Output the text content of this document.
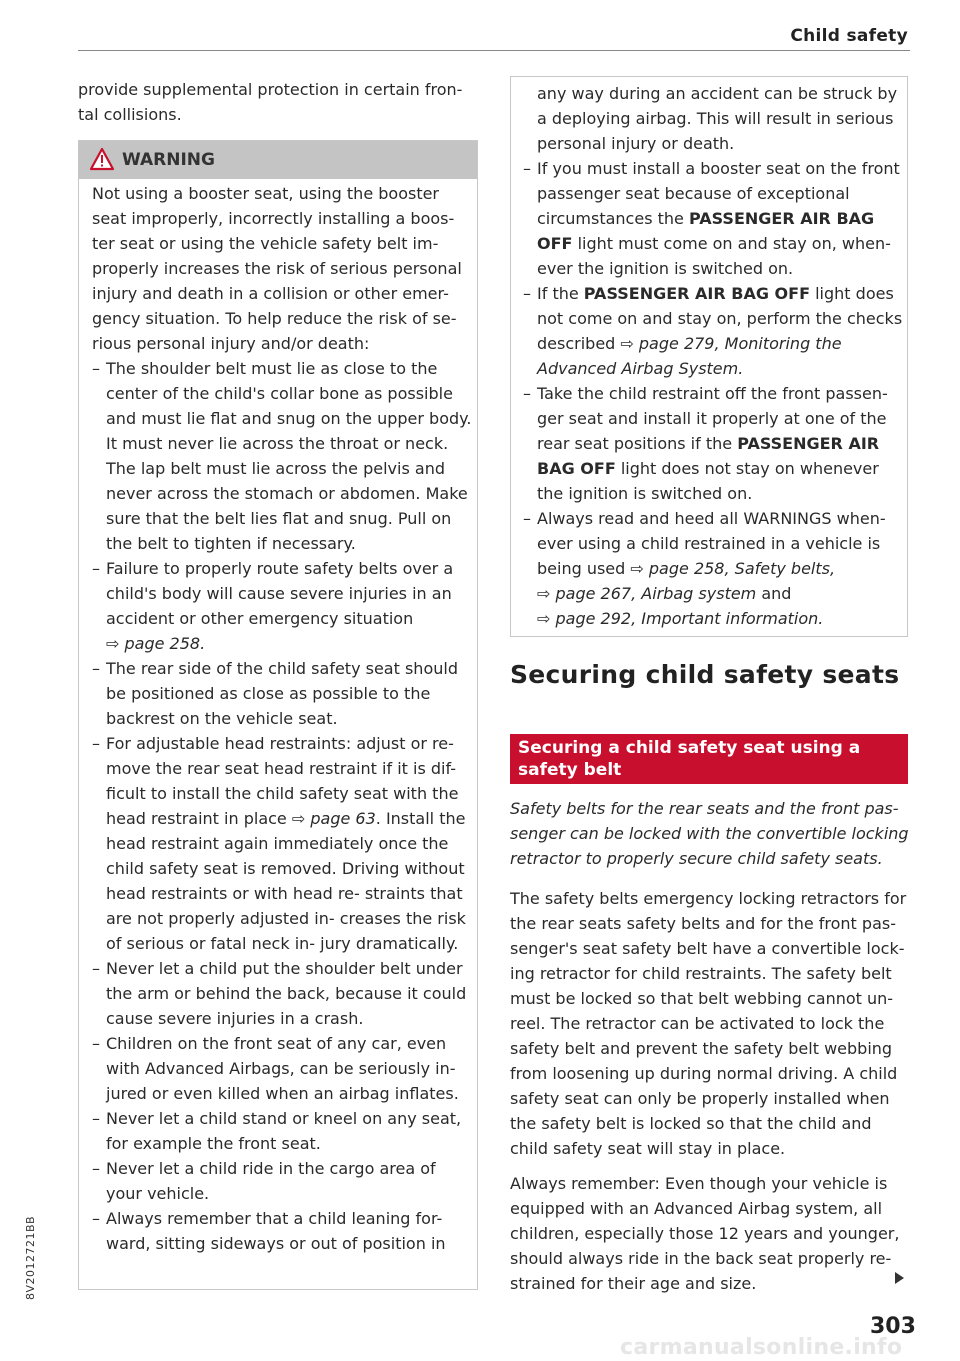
Child safety
8V2012721BB

provide supplemental protection in certain fron-
tal collisions.

WARNING

Not using a booster seat, using the booster seat improperly, incorrectly installing a boos- ter seat or using the vehicle safety belt im- properly increases the risk of serious personal injury and death in a collision or other emer- gency situation. To help reduce the risk of se- rious personal injury and/or death:

– The shoulder belt must lie as close to the center of the child's collar bone as possible and must lie flat and snug on the upper body. It must never lie across the throat or neck. The lap belt must lie across the pelvis and never across the stomach or abdomen. Make sure that the belt lies flat and snug. Pull on the belt to tighten if necessary.

– Failure to properly route safety belts over a child's body will cause severe injuries in an accident or other emergency situation
⇨ page 258.

– The rear side of the child safety seat should be positioned as close as possible to the backrest on the vehicle seat.

– For adjustable head restraints: adjust or re- move the rear seat head restraint if it is dif- ficult to install the child safety seat with the head restraint in place ⇨ page 63. Install the head restraint again immediately once the child safety seat is removed. Driving without head restraints or with head re- straints that are not properly adjusted in- creases the risk of serious or fatal neck in- jury dramatically.

– Never let a child put the shoulder belt under the arm or behind the back, because it could cause severe injuries in a crash.

– Children on the front seat of any car, even with Advanced Airbags, can be seriously in- jured or even killed when an airbag inflates.

– Never let a child stand or kneel on any seat, for example the front seat.

– Never let a child ride in the cargo area of your vehicle.

– Always remember that a child leaning for- ward, sitting sideways or out of position in

any way during an accident can be struck by a deploying airbag. This will result in serious personal injury or death.

– If you must install a booster seat on the front passenger seat because of exceptional circumstances the PASSENGER AIR BAG OFF light must come on and stay on, when- ever the ignition is switched on.

– If the PASSENGER AIR BAG OFF light does not come on and stay on, perform the checks described ⇨ page 279, Monitoring the Advanced Airbag System.

– Take the child restraint off the front passen- ger seat and install it properly at one of the rear seat positions if the PASSENGER AIR BAG OFF light does not stay on whenever the ignition is switched on.

– Always read and heed all WARNINGS when- ever using a child restrained in a vehicle is being used ⇨ page 258, Safety belts,
⇨ page 267, Airbag system and
⇨ page 292, Important information.

Securing child safety seats
Securing a child safety seat using a safety belt

Safety belts for the rear seats and the front pas- senger can be locked with the convertible locking retractor to properly secure child safety seats.

The safety belts emergency locking retractors for the rear seats safety belts and for the front pas- senger's seat safety belt have a convertible lock- ing retractor for child restraints. The safety belt must be locked so that belt webbing cannot un- reel. The retractor can be activated to lock the safety belt and prevent the safety belt webbing from loosening up during normal driving. A child safety seat can only be properly installed when the safety belt is locked so that the child and child safety seat will stay in place.

Always remember: Even though your vehicle is equipped with an Advanced Airbag system, all children, especially those 12 years and younger, should always ride in the back seat properly re- strained for their age and size.

carmanualsonline.info
303
